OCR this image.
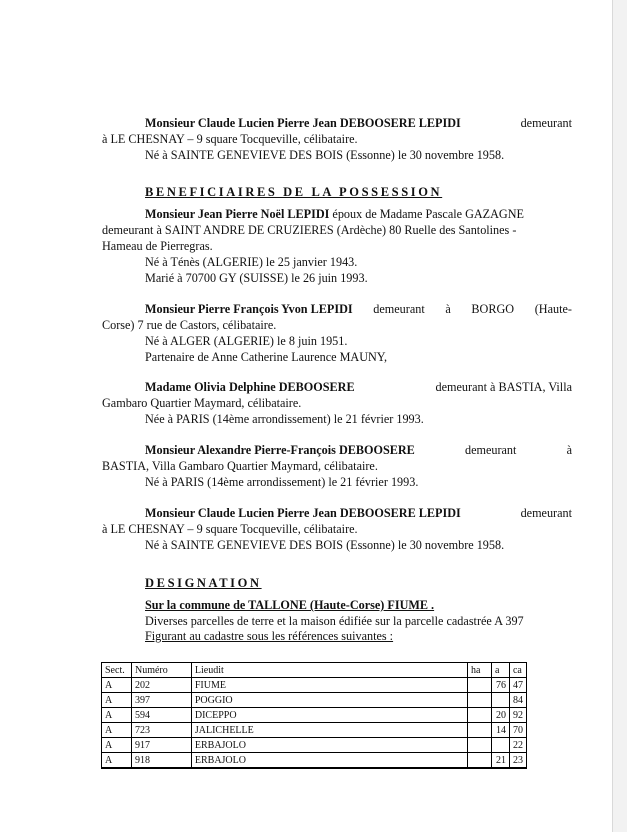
Monsieur Claude Lucien Pierre Jean DEBOOSERE LEPIDI	demeurant
à LE CHESNAY – 9 square Tocqueville, célibataire.
Né à SAINTE GENEVIEVE DES BOIS (Essonne) le 30 novembre 1958.
BENEFICIAIRES DE LA POSSESSION
Monsieur Jean Pierre Noël LEPIDI époux de Madame Pascale GAZAGNE
demeurant à SAINT ANDRE DE CRUZIERES (Ardèche) 80 Ruelle des Santolines -
Hameau de Pierregras.
Né à Ténès (ALGERIE) le 25 janvier 1943.
Marié à 70700 GY (SUISSE) le 26 juin 1993.
Monsieur Pierre François Yvon LEPIDI demeurant à BORGO (Haute-
Corse) 7 rue de Castors, célibataire.
Né à ALGER (ALGERIE) le 8 juin 1951.
Partenaire de Anne Catherine Laurence MAUNY,
Madame Olivia Delphine DEBOOSERE	demeurant à BASTIA, Villa
Gambaro Quartier Maymard, célibataire.
Née à PARIS (14ème arrondissement) le 21 février 1993.
Monsieur Alexandre Pierre-François DEBOOSERE	demeurant	à
BASTIA, Villa Gambaro Quartier Maymard, célibataire.
Né à PARIS (14ème arrondissement) le 21 février 1993.
Monsieur Claude Lucien Pierre Jean DEBOOSERE LEPIDI	demeurant
à LE CHESNAY – 9 square Tocqueville, célibataire.
Né à SAINTE GENEVIEVE DES BOIS (Essonne) le 30 novembre 1958.
DESIGNATION
Sur la commune de TALLONE (Haute-Corse) FIUME .
Diverses parcelles de terre et la maison édifiée sur la parcelle cadastrée A 397
Figurant au cadastre sous les références suivantes :
Sect.	Numéro	Lieudit	ha	a	ca
A	202	FIUME		76	47
A	397	POGGIO			84
A	594	DICEPPO		20	92
A	723	JALICHELLE		14	70
A	917	ERBAJOLO			22
A	918	ERBAJOLO		21	23
